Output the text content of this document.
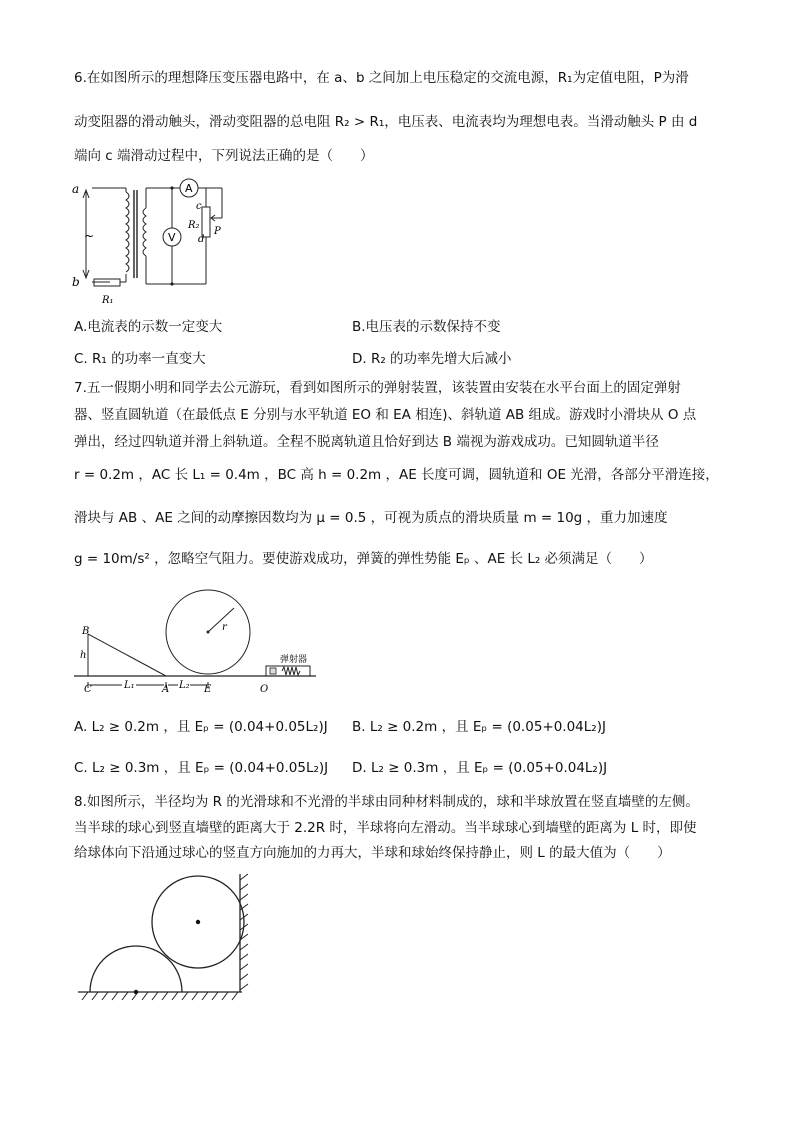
6.在如图所示的理想降压变压器电路中，在 a、b 之间加上电压稳定的交流电源，R₁为定值电阻，P为滑
动变阻器的滑动触头，滑动变阻器的总电阻 R₂ > R₁，电压表、电流表均为理想电表。当滑动触头 P 由 d
端向 c 端滑动过程中，下列说法正确的是（　　）
a
b
~
A
V
c
R₂
d
P
R₁
A.电流表的示数一定变大	B.电压表的示数保持不变
C. R₁ 的功率一直变大	D. R₂ 的功率先增大后减小
7.五一假期小明和同学去公元游玩，看到如图所示的弹射装置，该装置由安装在水平台面上的固定弹射
器、竖直圆轨道（在最低点 E 分别与水平轨道 EO 和 EA 相连)、斜轨道 AB 组成。游戏时小滑块从 O 点
弹出，经过四轨道并滑上斜轨道。全程不脱离轨道且恰好到达 B 端视为游戏成功。已知圆轨道半径
r = 0.2m ，AC 长 L₁ = 0.4m ，BC 高 h = 0.2m ，AE 长度可调，圆轨道和 OE 光滑，各部分平滑连接，
滑块与 AB 、AE 之间的动摩擦因数均为 μ = 0.5 ，可视为质点的滑块质量 m = 10g ，重力加速度
g = 10m/s² ，忽略空气阻力。要使游戏成功，弹簧的弹性势能 Eₚ 、AE 长 L₂ 必须满足（　　）
B
h
C	L₁	A L₂ E	O
r
弹射器
A. L₂ ≥ 0.2m ，且 Eₚ = (0.04+0.05L₂)J B. L₂ ≥ 0.2m ，且 Eₚ = (0.05+0.04L₂)J
C. L₂ ≥ 0.3m ，且 Eₚ = (0.04+0.05L₂)J D. L₂ ≥ 0.3m ，且 Eₚ = (0.05+0.04L₂)J
8.如图所示，半径均为 R 的光滑球和不光滑的半球由同种材料制成的，球和半球放置在竖直墙壁的左侧。
当半球的球心到竖直墙壁的距离大于 2.2R 时，半球将向左滑动。当半球球心到墙壁的距离为 L 时，即使
给球体向下沿通过球心的竖直方向施加的力再大，半球和球始终保持静止，则 L 的最大值为（　　）
